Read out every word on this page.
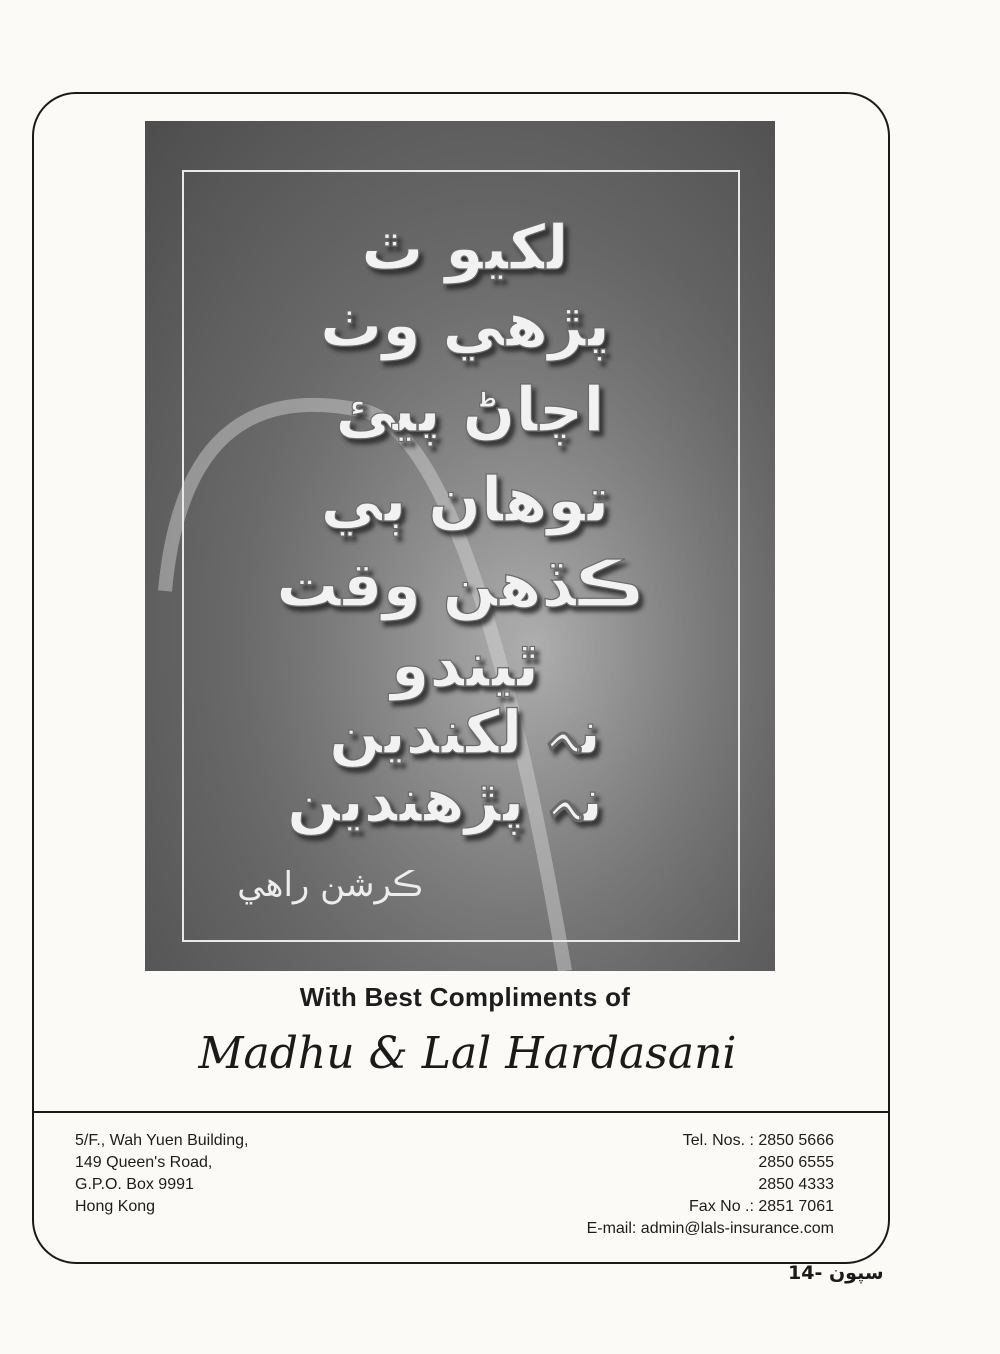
لکيو ٿ
پڙهي وٺ
اچاڻ پيئ
توهان ٻي
ڪڏهن وقت
ٿيندو
نہ لکندين
نہ پڙهندين
ڪرشن راهي
With Best Compliments of
Madhu & Lal Hardasani
5/F., Wah Yuen Building,
149 Queen's Road,
G.P.O. Box 9991
Hong Kong
Tel. Nos. : 2850 5666
2850 6555
2850 4333
Fax No .: 2851 7061
E-mail: admin@lals-insurance.com
14- سپون
